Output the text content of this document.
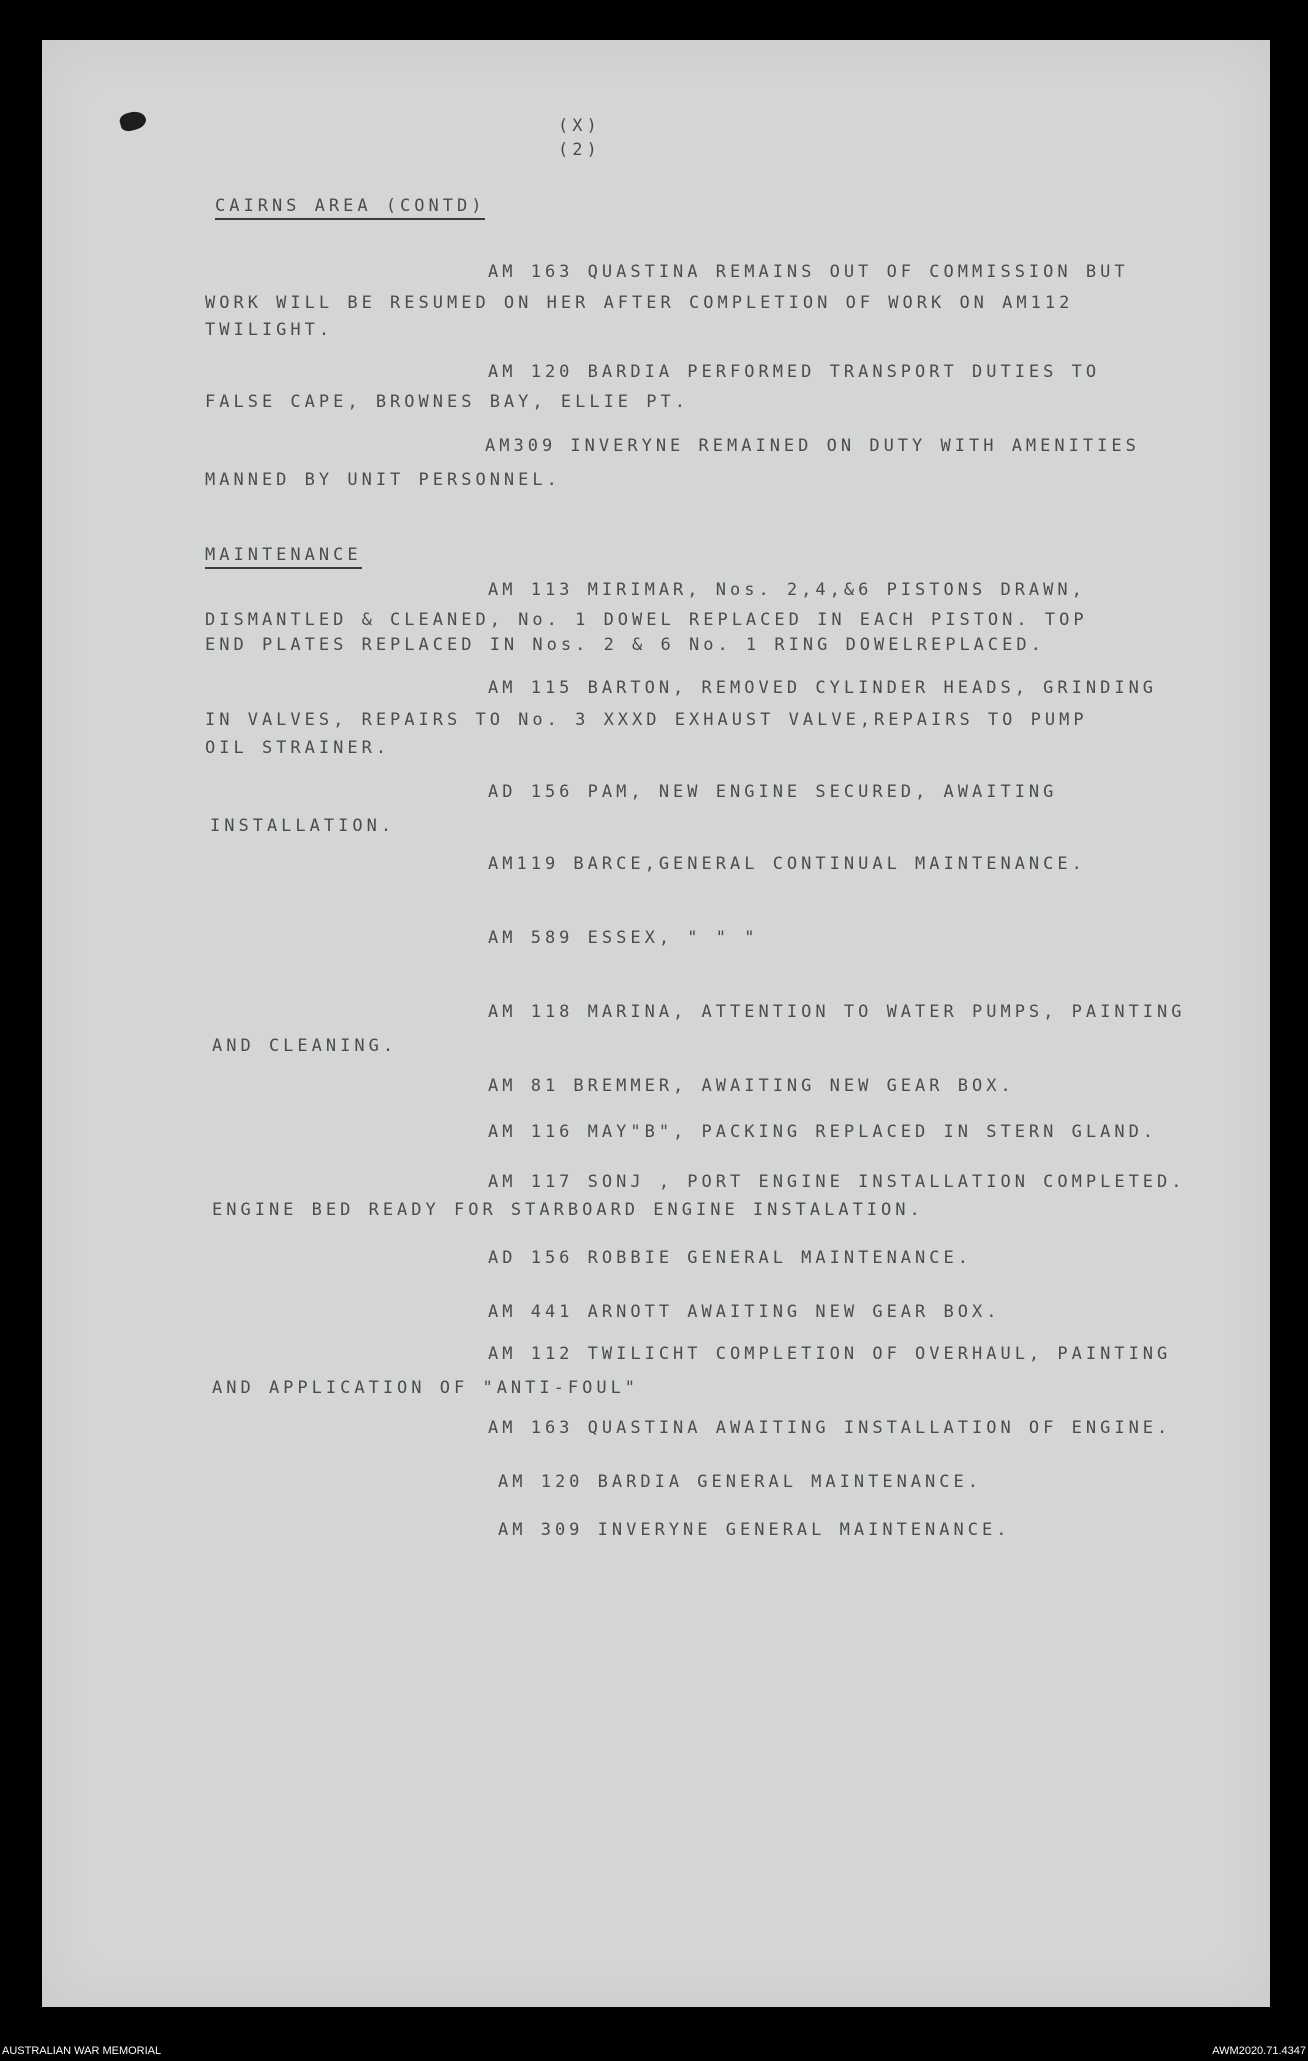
(X)
(2)
CAIRNS AREA (CONTD)
AM 163 QUASTINA REMAINS OUT OF COMMISSION BUT
WORK WILL BE RESUMED ON HER AFTER COMPLETION OF WORK ON AM112
TWILIGHT.
AM 120 BARDIA PERFORMED TRANSPORT DUTIES TO
FALSE CAPE, BROWNES BAY, ELLIE PT.
AM309 INVERYNE REMAINED ON DUTY WITH AMENITIES
MANNED BY UNIT PERSONNEL.
MAINTENANCE
AM 113 MIRIMAR, Nos. 2,4,&6 PISTONS DRAWN,
DISMANTLED & CLEANED, No. 1 DOWEL REPLACED IN EACH PISTON. TOP
END PLATES REPLACED IN Nos. 2 & 6 No. 1 RING DOWELREPLACED.
AM 115 BARTON, REMOVED CYLINDER HEADS, GRINDING
IN VALVES, REPAIRS TO No. 3 XXXD EXHAUST VALVE,REPAIRS TO PUMP
OIL STRAINER.
AD 156 PAM, NEW ENGINE SECURED, AWAITING
INSTALLATION.
AM119 BARCE,GENERAL CONTINUAL MAINTENANCE.
AM 589 ESSEX, " " "
AM 118 MARINA, ATTENTION TO WATER PUMPS, PAINTING
AND CLEANING.
AM 81 BREMMER, AWAITING NEW GEAR BOX.
AM 116 MAY"B", PACKING REPLACED IN STERN GLAND.
AM 117 SONJ , PORT ENGINE INSTALLATION COMPLETED.
ENGINE BED READY FOR STARBOARD ENGINE INSTALATION.
AD 156 ROBBIE GENERAL MAINTENANCE.
AM 441 ARNOTT AWAITING NEW GEAR BOX.
AM 112 TWILICHT COMPLETION OF OVERHAUL, PAINTING
AND APPLICATION OF "ANTI-FOUL"
AM 163 QUASTINA AWAITING INSTALLATION OF ENGINE.
AM 120 BARDIA GENERAL MAINTENANCE.
AM 309 INVERYNE GENERAL MAINTENANCE.
AUSTRALIAN WAR MEMORIAL	AWM2020.71.4347
